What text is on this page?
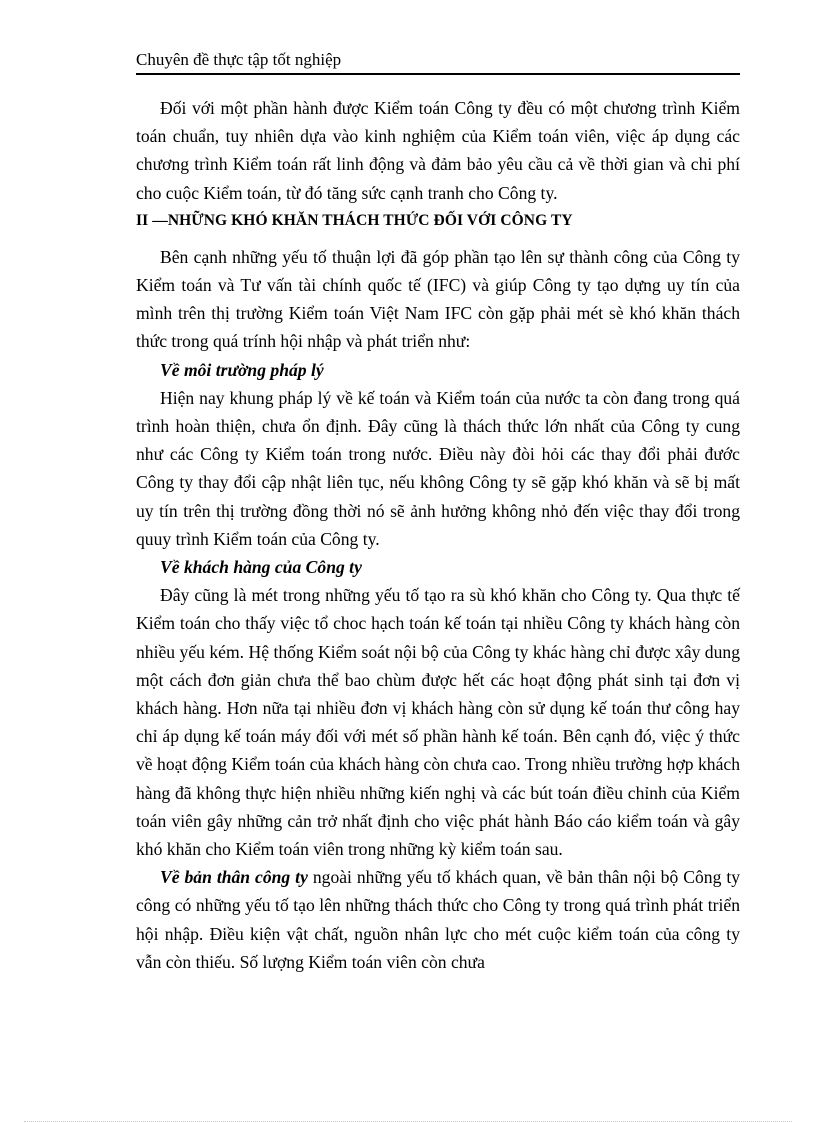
Chuyên đề thực tập tốt nghiệp

Đối với một phần hành được Kiểm toán Công ty đều có một chương trình Kiểm toán chuẩn, tuy nhiên dựa vào kinh nghiệm của Kiểm toán viên, việc áp dụng các chương trình Kiểm toán rất linh động và đảm bảo yêu cầu cả về thời gian và chi phí cho cuộc Kiểm toán, từ đó tăng sức cạnh tranh cho Công ty.

II —NHỮNG KHÓ KHĂN THÁCH THỨC ĐỐI VỚI CÔNG TY

Bên cạnh những yếu tố thuận lợi đã góp phần tạo lên sự thành công của Công ty Kiểm toán và Tư vấn tài chính quốc tế (IFC) và giúp Công ty tạo dựng uy tín của mình trên thị trường Kiểm toán Việt Nam IFC còn gặp phải mét sè khó khăn thách thức trong quá trính hội nhập và phát triển như:

Về môi trường pháp lý

Hiện nay khung pháp lý về kế toán và Kiểm toán của nước ta còn đang trong quá trình hoàn thiện, chưa ổn định. Đây cũng là thách thức lớn nhất của Công ty cung như các Công ty Kiểm toán trong nước. Điều này đòi hỏi các thay đổi phải đước Công ty thay đổi cập nhật liên tục, nếu không Công ty sẽ gặp khó khăn và sẽ bị mất uy tín trên thị trường đồng thời nó sẽ ảnh hưởng không nhỏ đến việc thay đổi trong quuy trình Kiểm toán của Công ty.

Về khách hàng của Công ty

Đây cũng là mét trong những yếu tố tạo ra sù khó khăn cho Công ty. Qua thực tế Kiểm toán cho thấy việc tổ choc hạch toán kế toán tại nhiều Công ty khách hàng còn nhiều yếu kém. Hệ thống Kiểm soát nội bộ của Công ty khác hàng chỉ được xây dung một cách đơn giản chưa thể bao chùm được hết các hoạt động phát sinh tại đơn vị khách hàng. Hơn nữa tại nhiều đơn vị khách hàng còn sử dụng kế toán thư công hay chỉ áp dụng kế toán máy đối với mét số phần hành kế toán. Bên cạnh đó, việc ý thức về hoạt động Kiểm toán của khách hàng còn chưa cao. Trong nhiều trường hợp khách hàng đã không thực hiện nhiều những kiến nghị và các bút toán điều chỉnh của Kiểm toán viên gây những cản trở nhất định cho việc phát hành Báo cáo kiểm toán và gây khó khăn cho Kiểm toán viên trong những kỳ kiểm toán sau.

Về bản thân công ty ngoài những yếu tố khách quan, về bản thân nội bộ Công ty công có những yếu tố tạo lên những thách thức cho Công ty trong quá trình phát triển hội nhập. Điều kiện vật chất, nguồn nhân lực cho mét cuộc kiểm toán của công ty vẫn còn thiếu. Số lượng Kiểm toán viên còn chưa
